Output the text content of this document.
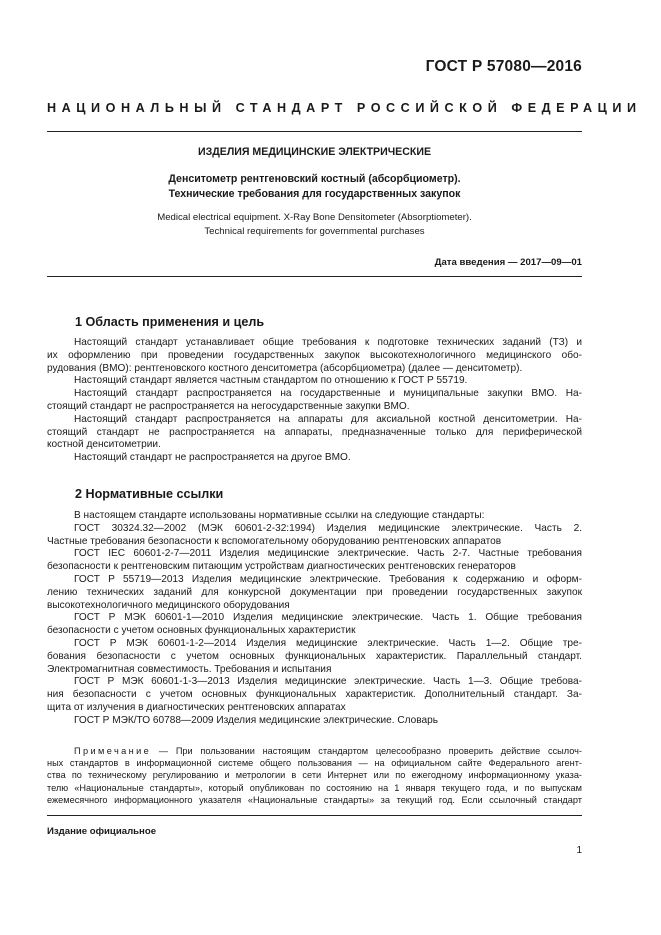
ГОСТ Р 57080—2016
НАЦИОНАЛЬНЫЙ СТАНДАРТ РОССИЙСКОЙ ФЕДЕРАЦИИ
ИЗДЕЛИЯ МЕДИЦИНСКИЕ ЭЛЕКТРИЧЕСКИЕ
Денситометр рентгеновский костный (абсорбциометр).
Технические требования для государственных закупок
Medical electrical equipment. X-Ray Bone Densitometer (Absorptiometer).
Technical requirements for governmental purchases
Дата введения — 2017—09—01
1 Область применения и цель
Настоящий стандарт устанавливает общие требования к подготовке технических заданий (ТЗ) и
их оформлению при проведении государственных закупок высокотехнологичного медицинского обо-
рудования (ВМО): рентгеновского костного денситометра (абсорбциометра) (далее — денситометр).
Настоящий стандарт является частным стандартом по отношению к ГОСТ Р 55719.
Настоящий стандарт распространяется на государственные и муниципальные закупки ВМО. На-
стоящий стандарт не распространяется на негосударственные закупки ВМО.
Настоящий стандарт распространяется на аппараты для аксиальной костной денситометрии. На-
стоящий стандарт не распространяется на аппараты, предназначенные только для периферической
костной денситометрии.
Настоящий стандарт не распространяется на другое ВМО.
2 Нормативные ссылки
В настоящем стандарте использованы нормативные ссылки на следующие стандарты:
ГОСТ 30324.32—2002 (МЭК 60601-2-32:1994) Изделия медицинские электрические. Часть 2.
Частные требования безопасности к вспомогательному оборудованию рентгеновских аппаратов
ГОСТ IEC 60601-2-7—2011 Изделия медицинские электрические. Часть 2-7. Частные требования
безопасности к рентгеновским питающим устройствам диагностических рентгеновских генераторов
ГОСТ Р 55719—2013 Изделия медицинские электрические. Требования к содержанию и оформ-
лению технических заданий для конкурсной документации при проведении государственных закупок
высокотехнологичного медицинского оборудования
ГОСТ Р МЭК 60601-1—2010 Изделия медицинские электрические. Часть 1. Общие требования
безопасности с учетом основных функциональных характеристик
ГОСТ Р МЭК 60601-1-2—2014 Изделия медицинские электрические. Часть 1—2. Общие тре-
бования безопасности с учетом основных функциональных характеристик. Параллельный стандарт.
Электромагнитная совместимость. Требования и испытания
ГОСТ Р МЭК 60601-1-3—2013 Изделия медицинские электрические. Часть 1—3. Общие требова-
ния безопасности с учетом основных функциональных характеристик. Дополнительный стандарт. За-
щита от излучения в диагностических рентгеновских аппаратах
ГОСТ Р МЭК/ТО 60788—2009 Изделия медицинские электрические. Словарь
Примечание — При пользовании настоящим стандартом целесообразно проверить действие ссылоч-
ных стандартов в информационной системе общего пользования — на официальном сайте Федерального агент-
ства по техническому регулированию и метрологии в сети Интернет или по ежегодному информационному указа-
телю «Национальные стандарты», который опубликован по состоянию на 1 января текущего года, и по выпускам
ежемесячного информационного указателя «Национальные стандарты» за текущий год. Если ссылочный стандарт
Издание официальное
1
